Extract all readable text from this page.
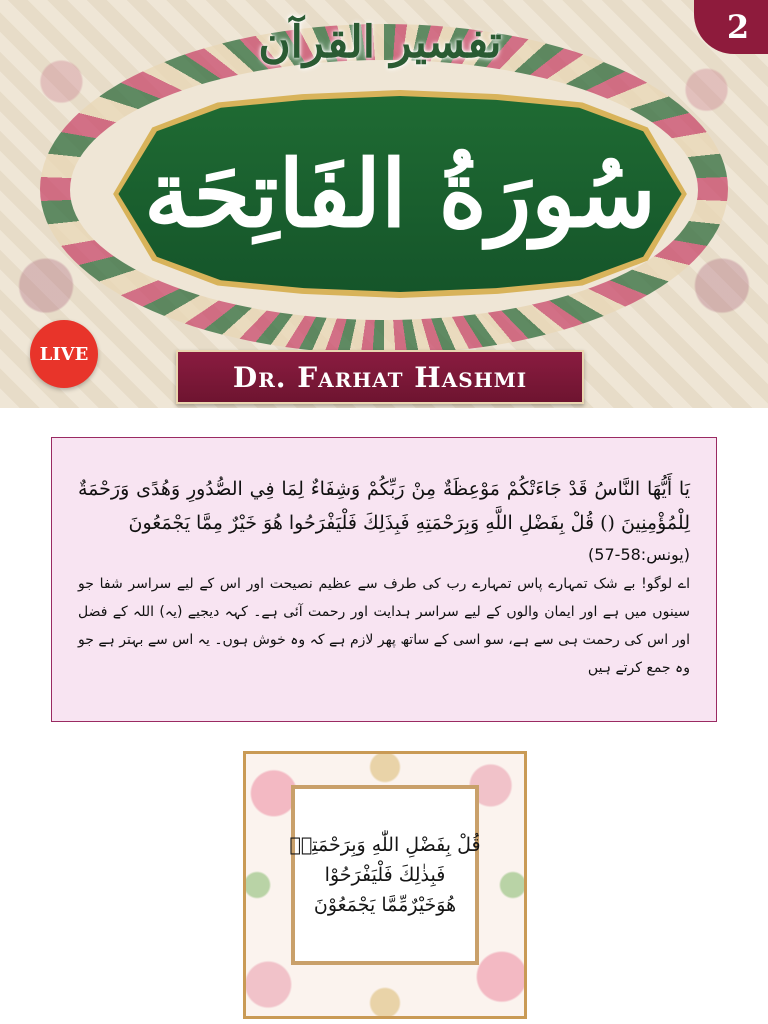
تفسیر القرآن
سُورَةُ الفَاتِحَة
2
LIVE
Dr. Farhat Hashmi
يَا أَيُّهَا النَّاسُ قَدْ جَاءَتْكُمْ مَوْعِظَةٌ مِنْ رَبِّكُمْ وَشِفَاءٌ لِمَا فِي الصُّدُورِ وَهُدًى وَرَحْمَةٌ لِلْمُؤْمِنِينَ () قُلْ بِفَضْلِ اللَّهِ وَبِرَحْمَتِهِ فَبِذَلِكَ فَلْيَفْرَحُوا هُوَ خَيْرٌ مِمَّا يَجْمَعُونَ
(یونس:58-57)
اے لوگو! بے شک تمہارے پاس تمہارے رب کی طرف سے عظیم نصیحت اور اس کے لیے سراسر شفا جو سینوں میں ہے اور ایمان والوں کے لیے سراسر ہدایت اور رحمت آئی ہے۔ کہہ دیجیے (یہ) اللہ کے فضل اور اس کی رحمت ہی سے ہے، سو اسی کے ساتھ پھر لازم ہے کہ وہ خوش ہوں۔ یہ اس سے بہتر ہے جو وہ جمع کرتے ہیں
قُلْ بِفَضْلِ اللّٰهِ وَبِرَحْمَتِهٖ
فَبِذٰلِكَ فَلْيَفْرَحُوْا
هُوَخَيْرٌمِّمَّا يَجْمَعُوْنَ
